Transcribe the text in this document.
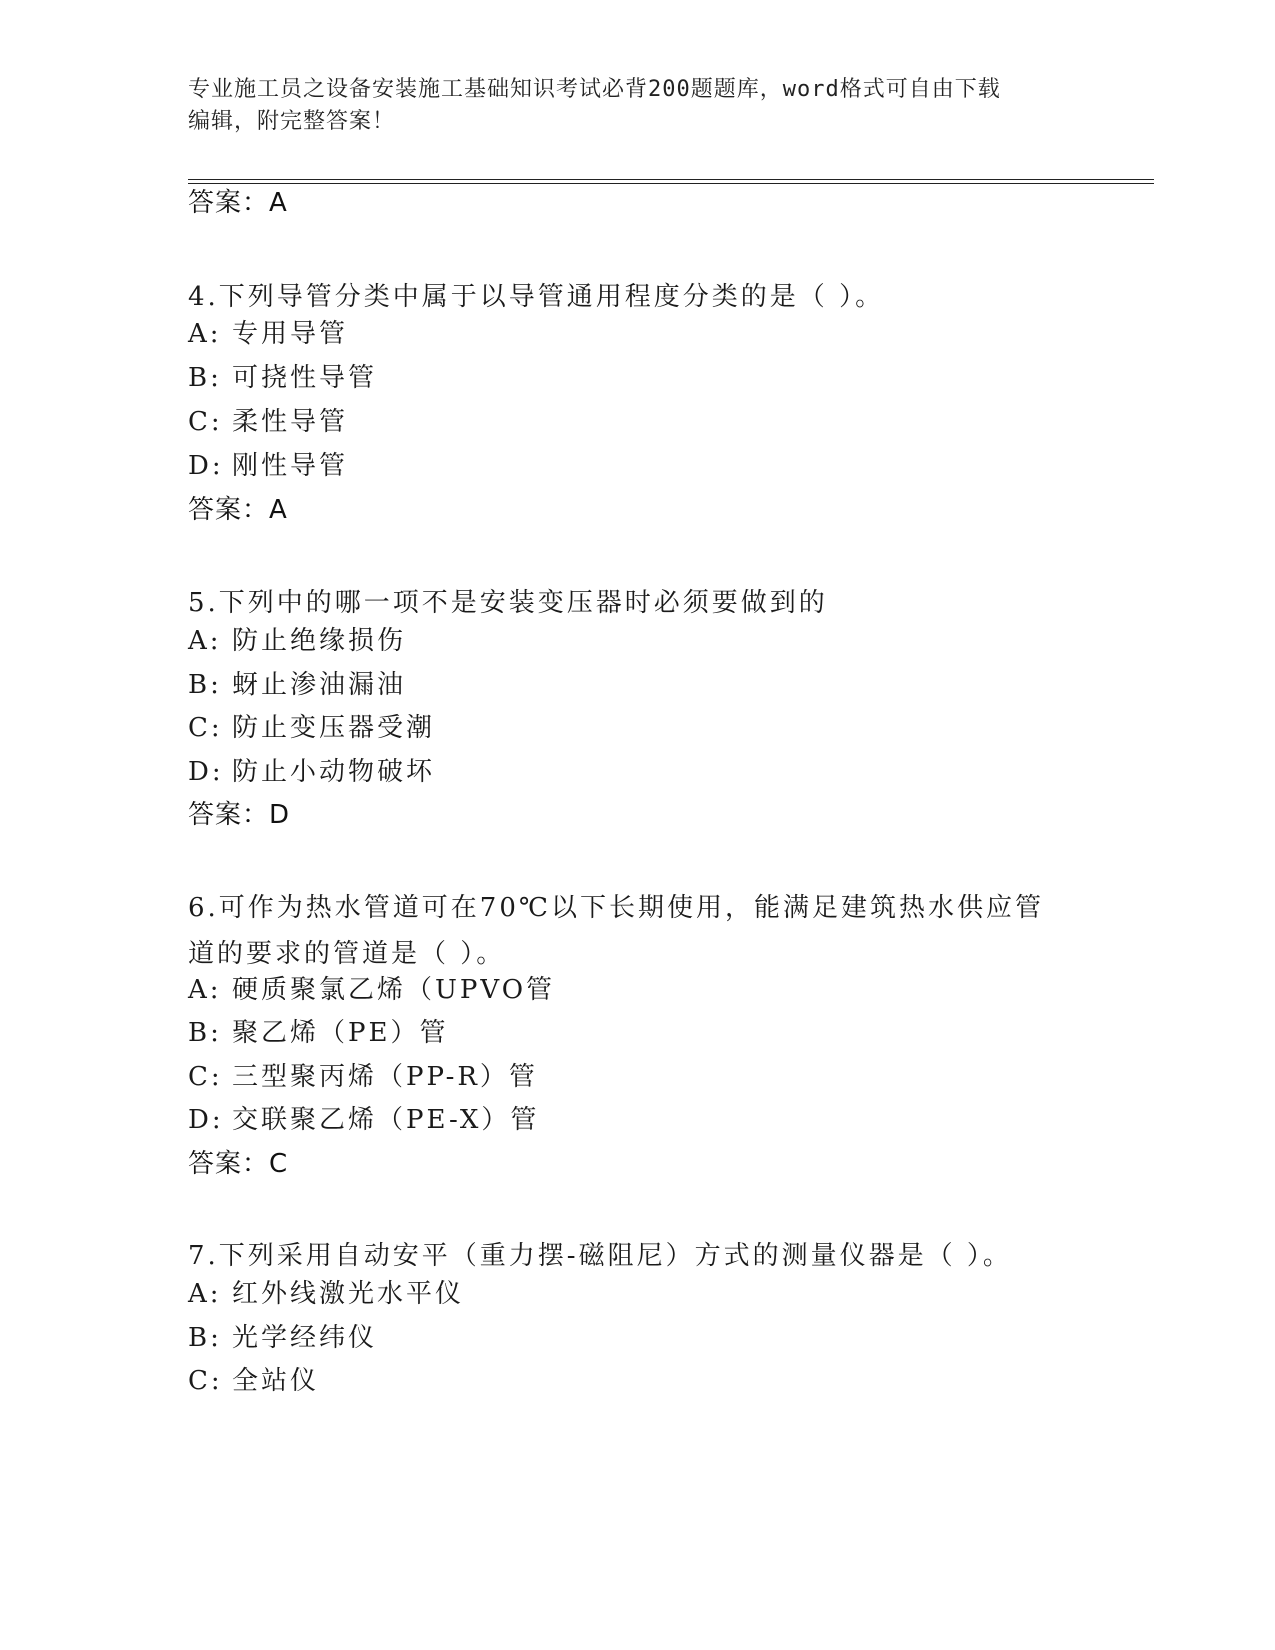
专业施工员之设备安装施工基础知识考试必背200题题库，word格式可自由下载
编辑，附完整答案！
答案：A
4.下列导管分类中属于以导管通用程度分类的是（ ）。
A: 专用导管
B: 可挠性导管
C: 柔性导管
D: 刚性导管
答案：A
5.下列中的哪一项不是安装变压器时必须要做到的
A: 防止绝缘损伤
B: 蚜止渗油漏油
C: 防止变压器受潮
D: 防止小动物破坏
答案：D
6.可作为热水管道可在70℃以下长期使用，能满足建筑热水供应管道的要求的管道是（ ）。
A: 硬质聚氯乙烯（UPVO管
B: 聚乙烯（PE）管
C: 三型聚丙烯（PP-R）管
D: 交联聚乙烯（PE-X）管
答案：C
7.下列采用自动安平（重力摆-磁阻尼）方式的测量仪器是（ ）。
A: 红外线激光水平仪
B: 光学经纬仪
C: 全站仪
